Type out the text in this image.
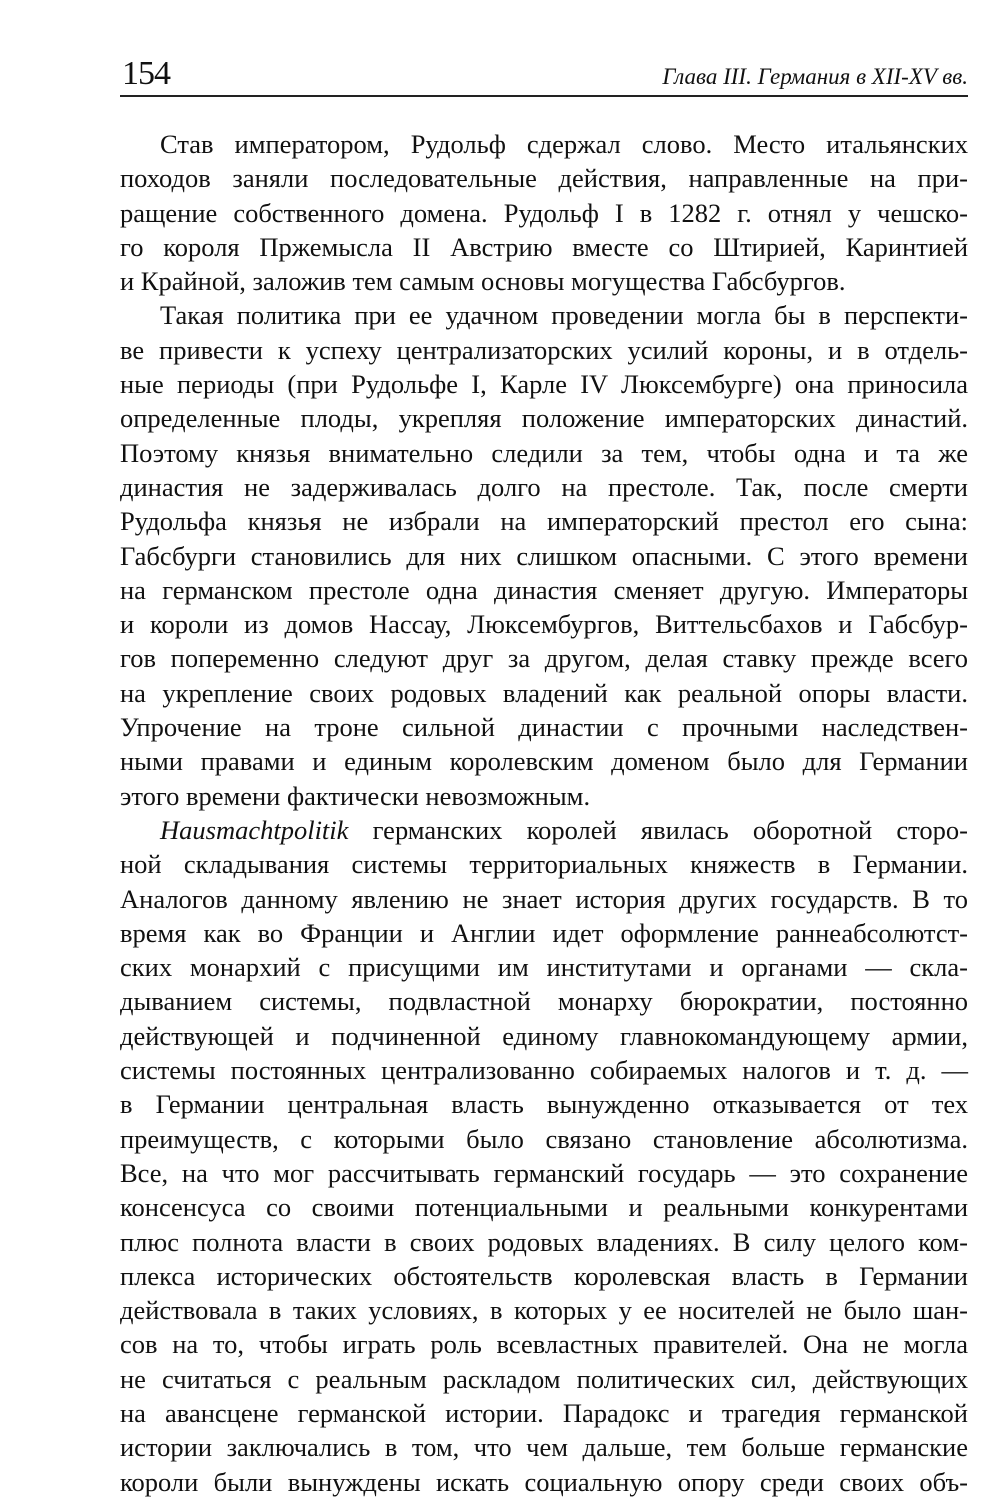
154	Глава III. Германия в XII-XV вв.
Став императором, Рудольф сдержал слово. Место итальянских
походов заняли последовательные действия, направленные на при-
ращение собственного домена. Рудольф I в 1282 г. отнял у чешско-
го короля Пржемысла II Австрию вместе со Штирией, Каринтией
и Крайной, заложив тем самым основы могущества Габсбургов.
Такая политика при ее удачном проведении могла бы в перспекти-
ве привести к успеху централизаторских усилий короны, и в отдель-
ные периоды (при Рудольфе I, Карле IV Люксембурге) она приносила
определенные плоды, укрепляя положение императорских династий.
Поэтому князья внимательно следили за тем, чтобы одна и та же
династия не задерживалась долго на престоле. Так, после смерти
Рудольфа князья не избрали на императорский престол его сына:
Габсбурги становились для них слишком опасными. С этого времени
на германском престоле одна династия сменяет другую. Императоры
и короли из домов Нассау, Люксембургов, Виттельсбахов и Габсбур-
гов попеременно следуют друг за другом, делая ставку прежде всего
на укрепление своих родовых владений как реальной опоры власти.
Упрочение на троне сильной династии с прочными наследствен-
ными правами и единым королевским доменом было для Германии
этого времени фактически невозможным.
Hausmachtpolitik германских королей явилась оборотной сторо-
ной складывания системы территориальных княжеств в Германии.
Аналогов данному явлению не знает история других государств. В то
время как во Франции и Англии идет оформление раннеабсолютст-
ских монархий с присущими им институтами и органами — скла-
дыванием системы, подвластной монарху бюрократии, постоянно
действующей и подчиненной единому главнокомандующему армии,
системы постоянных централизованно собираемых налогов и т. д. —
в Германии центральная власть вынужденно отказывается от тех
преимуществ, с которыми было связано становление абсолютизма.
Все, на что мог рассчитывать германский государь — это сохранение
консенсуса со своими потенциальными и реальными конкурентами
плюс полнота власти в своих родовых владениях. В силу целого ком-
плекса исторических обстоятельств королевская власть в Германии
действовала в таких условиях, в которых у ее носителей не было шан-
сов на то, чтобы играть роль всевластных правителей. Она не могла
не считаться с реальным раскладом политических сил, действующих
на авансцене германской истории. Парадокс и трагедия германской
истории заключались в том, что чем дальше, тем больше германские
короли были вынуждены искать социальную опору среди своих объ-
